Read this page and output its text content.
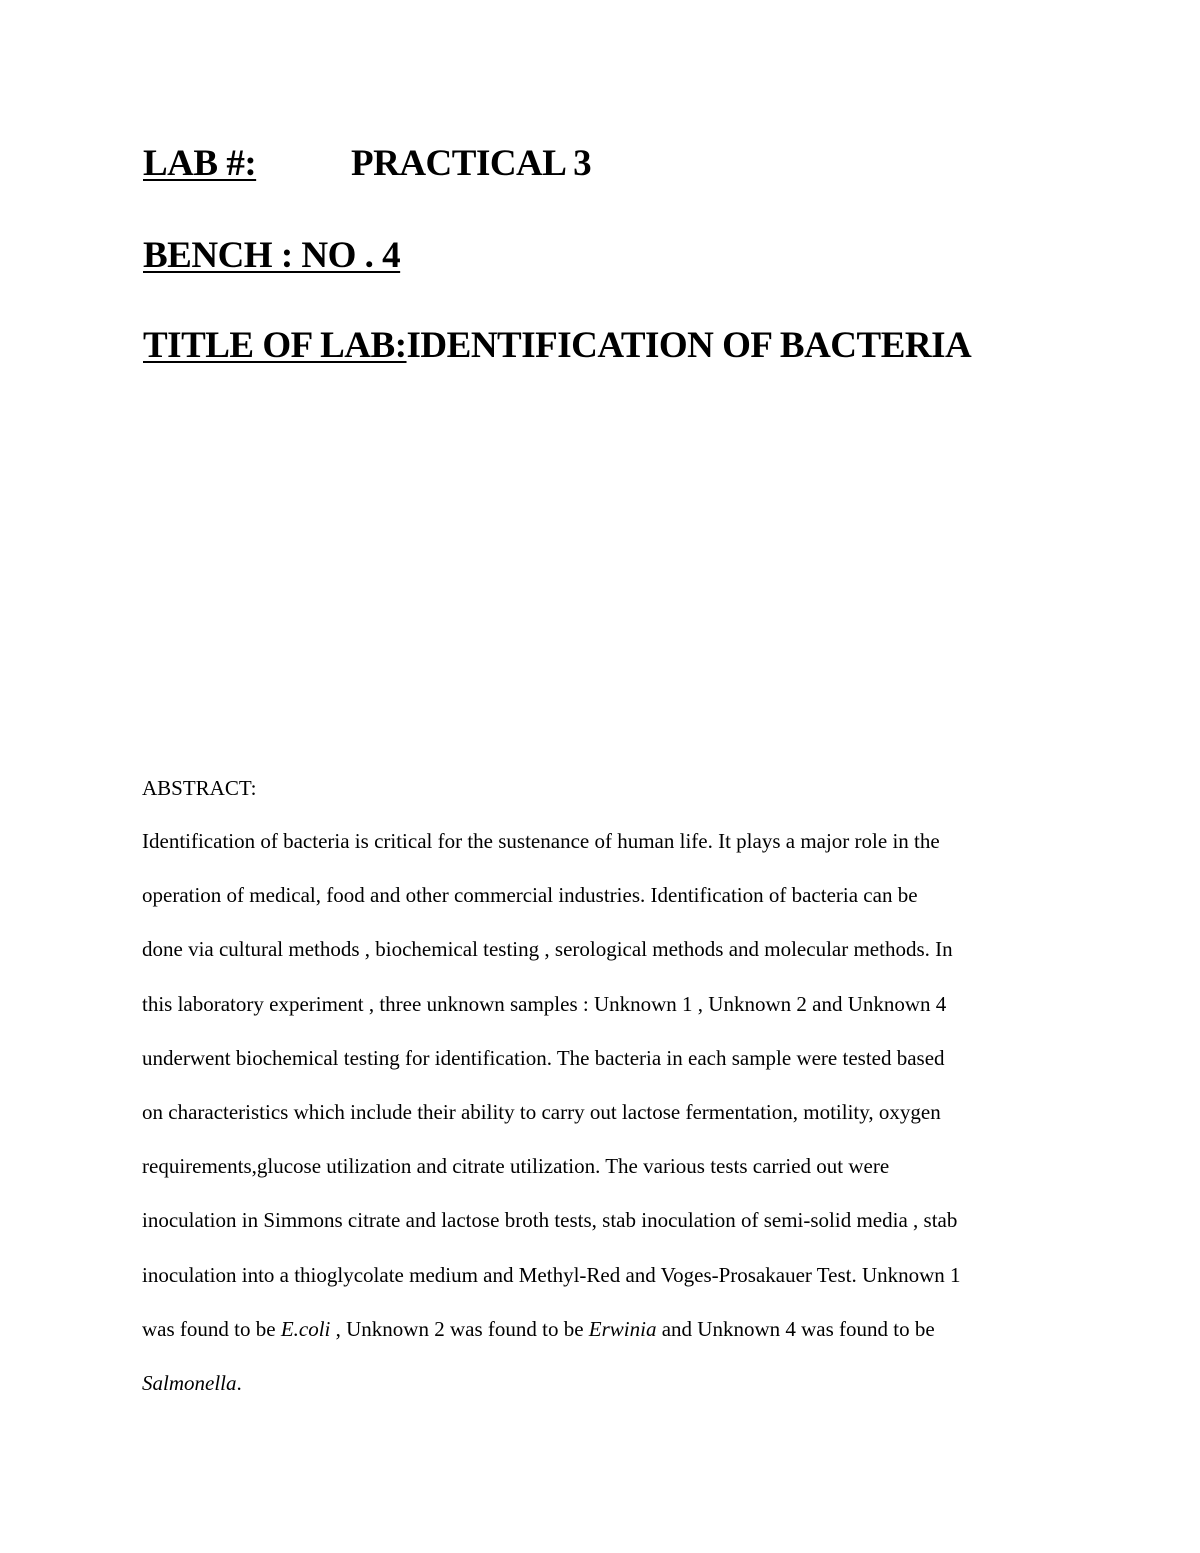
LAB #:	PRACTICAL 3
BENCH : NO . 4
TITLE OF LAB:IDENTIFICATION OF BACTERIA
ABSTRACT:
Identification of bacteria is critical for the sustenance of human life. It plays a major role in the
operation of medical, food and other commercial industries. Identification of bacteria can be
done via cultural methods , biochemical testing , serological methods and molecular methods. In
this laboratory experiment , three unknown samples : Unknown 1 , Unknown 2 and Unknown 4
underwent biochemical testing for identification. The bacteria in each sample were tested based
on characteristics which include their ability to carry out lactose fermentation, motility, oxygen
requirements,glucose utilization and citrate utilization. The various tests carried out were
inoculation in Simmons citrate and lactose broth tests, stab inoculation of semi-solid media , stab
inoculation into a thioglycolate medium and Methyl-Red and Voges-Prosakauer Test. Unknown 1
was found to be E.coli , Unknown 2 was found to be Erwinia and Unknown 4 was found to be
Salmonella.
